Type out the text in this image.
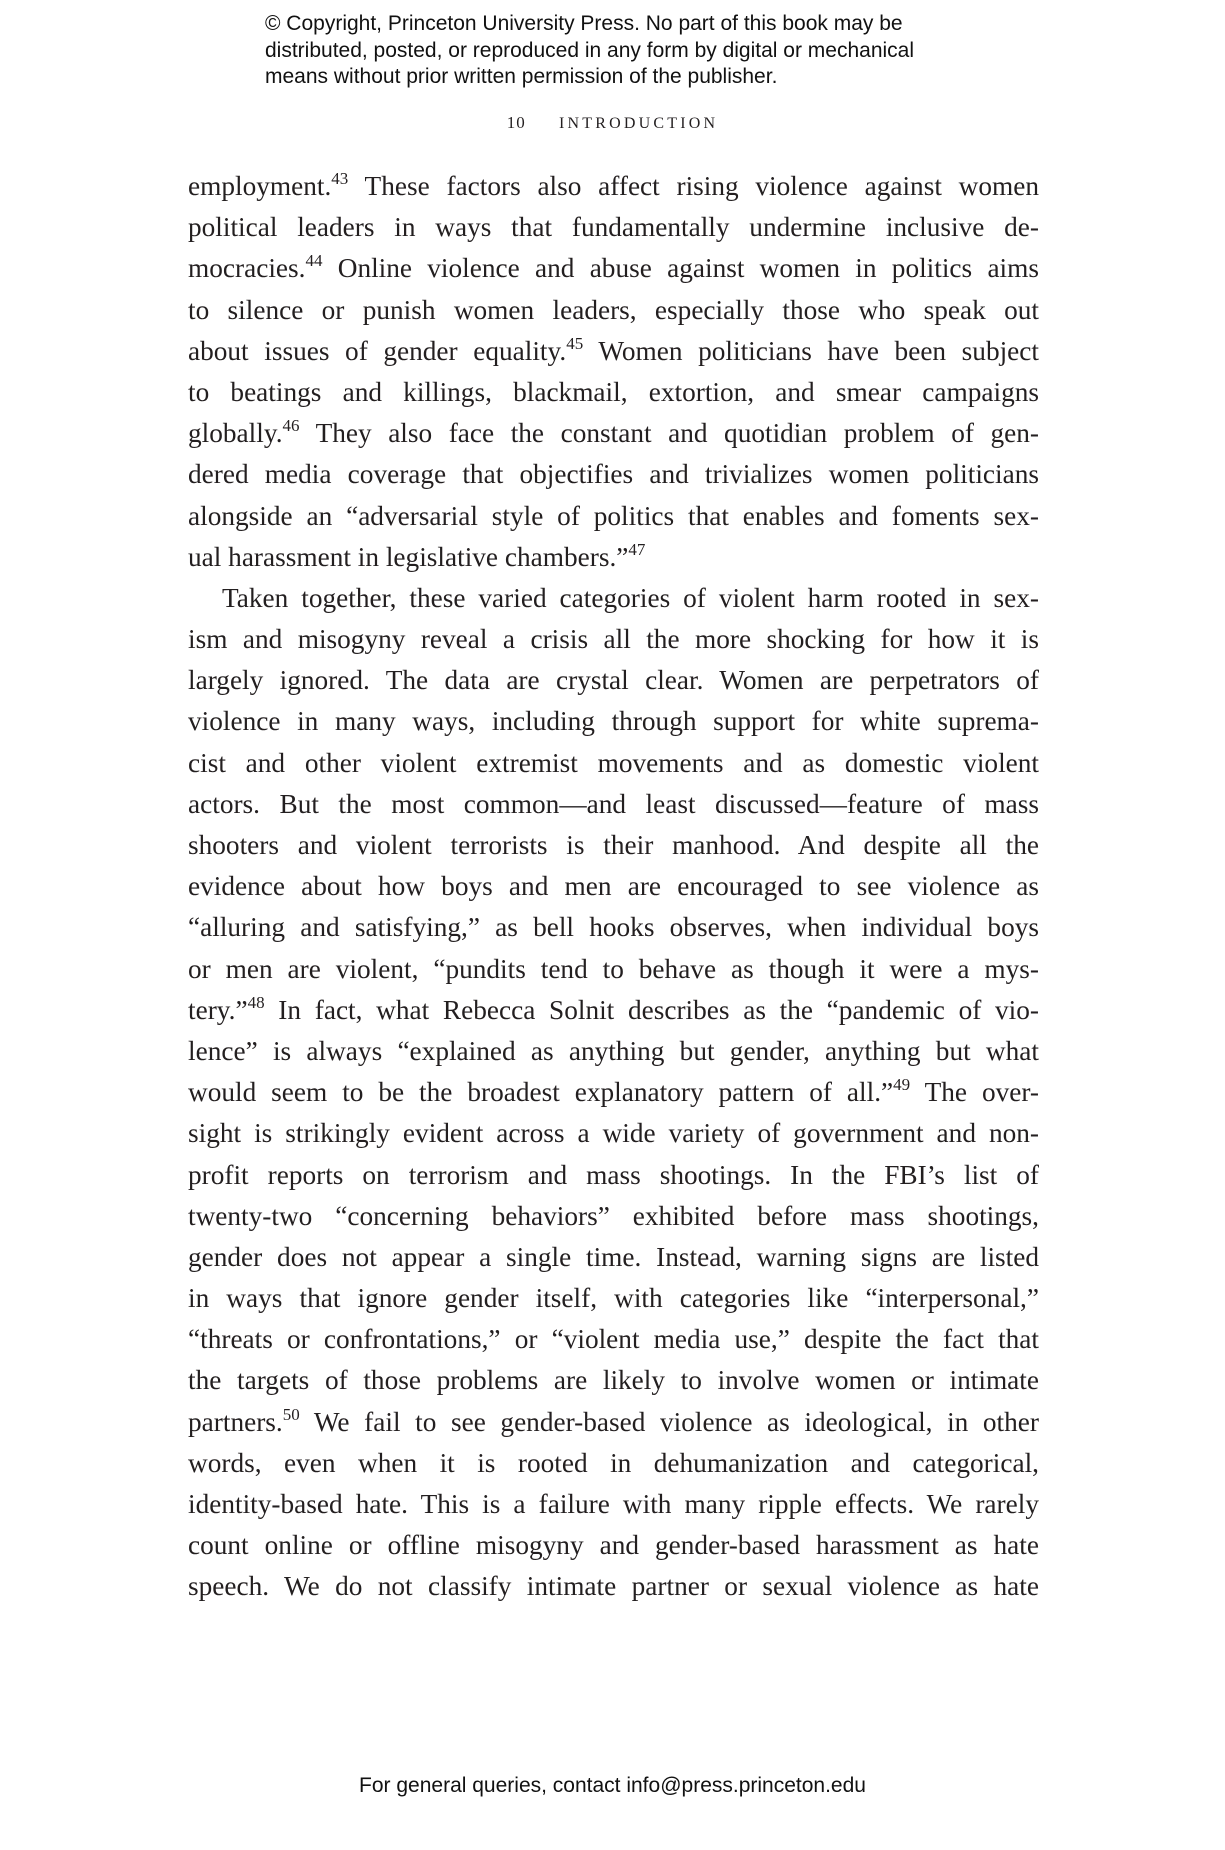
© Copyright, Princeton University Press. No part of this book may be
distributed, posted, or reproduced in any form by digital or mechanical
means without prior written permission of the publisher.
10 INTRODUCTION
employment.$^{43}$ These factors also affect rising violence against women
political leaders in ways that fundamentally undermine inclusive de-
mocracies.$^{44}$ Online violence and abuse against women in politics aims
to silence or punish women leaders, especially those who speak out
about issues of gender equality.$^{45}$ Women politicians have been subject
to beatings and killings, blackmail, extortion, and smear campaigns
globally.$^{46}$ They also face the constant and quotidian problem of gen-
dered media coverage that objectifies and trivializes women politicians
alongside an “adversarial style of politics that enables and foments sex-
ual harassment in legislative chambers.”$^{47}$
Taken together, these varied categories of violent harm rooted in sex-
ism and misogyny reveal a crisis all the more shocking for how it is
largely ignored. The data are crystal clear. Women are perpetrators of
violence in many ways, including through support for white suprema-
cist and other violent extremist movements and as domestic violent
actors. But the most common—and least discussed—feature of mass
shooters and violent terrorists is their manhood. And despite all the
evidence about how boys and men are encouraged to see violence as
“alluring and satisfying,” as bell hooks observes, when individual boys
or men are violent, “pundits tend to behave as though it were a mys-
tery.”$^{48}$ In fact, what Rebecca Solnit describes as the “pandemic of vio-
lence” is always “explained as anything but gender, anything but what
would seem to be the broadest explanatory pattern of all.”$^{49}$ The over-
sight is strikingly evident across a wide variety of government and non-
profit reports on terrorism and mass shootings. In the FBI’s list of
twenty-two “concerning behaviors” exhibited before mass shootings,
gender does not appear a single time. Instead, warning signs are listed
in ways that ignore gender itself, with categories like “interpersonal,”
“threats or confrontations,” or “violent media use,” despite the fact that
the targets of those problems are likely to involve women or intimate
partners.$^{50}$ We fail to see gender-based violence as ideological, in other
words, even when it is rooted in dehumanization and categorical,
identity-based hate. This is a failure with many ripple effects. We rarely
count online or offline misogyny and gender-based harassment as hate
speech. We do not classify intimate partner or sexual violence as hate
For general queries, contact info@press.princeton.edu
